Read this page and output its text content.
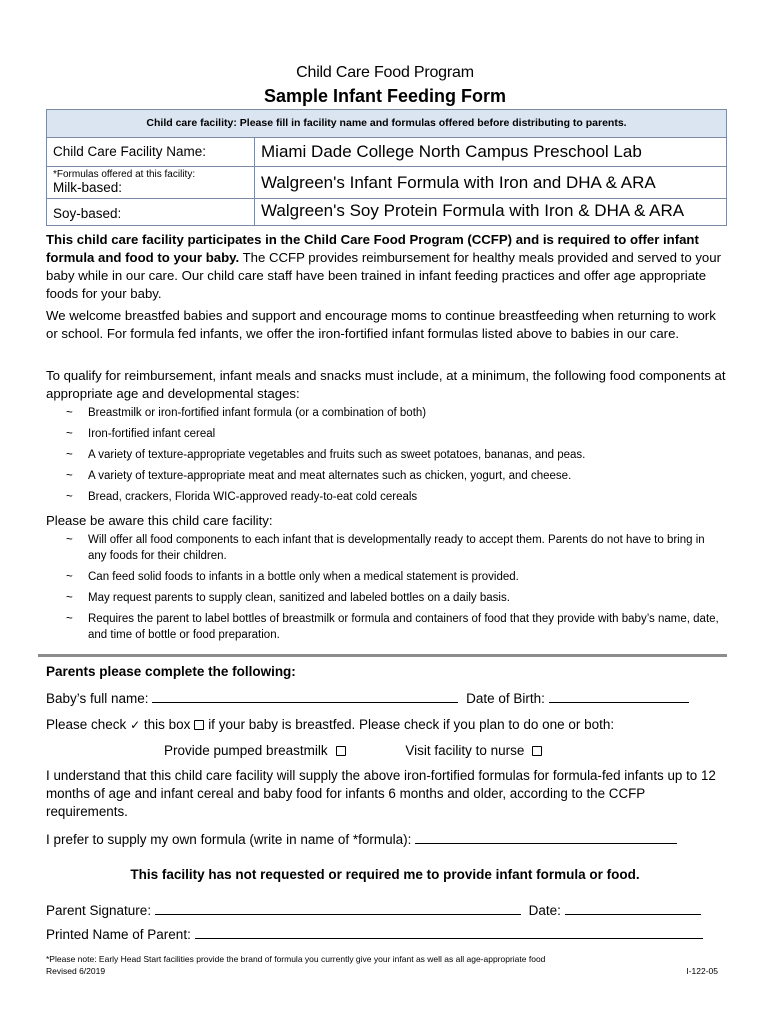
Child Care Food Program
Sample Infant Feeding Form
Child care facility: Please fill in facility name and formulas offered before distributing to parents.
Child Care Facility Name:	Miami Dade College North Campus Preschool Lab
*Formulas offered at this facility:
Milk-based:	Walgreen's Infant Formula with Iron and DHA & ARA
Soy-based:	Walgreen's Soy Protein Formula with Iron & DHA & ARA
This child care facility participates in the Child Care Food Program (CCFP) and is required to offer infant formula and food to your baby. The CCFP provides reimbursement for healthy meals provided and served to your baby while in our care. Our child care staff have been trained in infant feeding practices and offer age appropriate foods for your baby.
We welcome breastfed babies and support and encourage moms to continue breastfeeding when returning to work or school. For formula fed infants, we offer the iron-fortified infant formulas listed above to babies in our care.
To qualify for reimbursement, infant meals and snacks must include, at a minimum, the following food components at appropriate age and developmental stages:
~	Breastmilk or iron-fortified infant formula (or a combination of both)
~	Iron-fortified infant cereal
~	A variety of texture-appropriate vegetables and fruits such as sweet potatoes, bananas, and peas.
~	A variety of texture-appropriate meat and meat alternates such as chicken, yogurt, and cheese.
~	Bread, crackers, Florida WIC-approved ready-to-eat cold cereals
Please be aware this child care facility:
~	Will offer all food components to each infant that is developmentally ready to accept them. Parents do not have to bring in any foods for their children.
~	Can feed solid foods to infants in a bottle only when a medical statement is provided.
~	May request parents to supply clean, sanitized and labeled bottles on a daily basis.
~	Requires the parent to label bottles of breastmilk or formula and containers of food that they provide with baby’s name, date, and time of bottle or food preparation.
Parents please complete the following:
Baby’s full name:	Date of Birth:
Please check ✓ this box if your baby is breastfed. Please check if you plan to do one or both:
Provide pumped breastmilk	Visit facility to nurse
I understand that this child care facility will supply the above iron-fortified formulas for formula-fed infants up to 12 months of age and infant cereal and baby food for infants 6 months and older, according to the CCFP requirements.
I prefer to supply my own formula (write in name of *formula):
This facility has not requested or required me to provide infant formula or food.
Parent Signature:	Date:
Printed Name of Parent:
*Please note: Early Head Start facilities provide the brand of formula you currently give your infant as well as all age-appropriate food
Revised 6/2019	I-122-05
